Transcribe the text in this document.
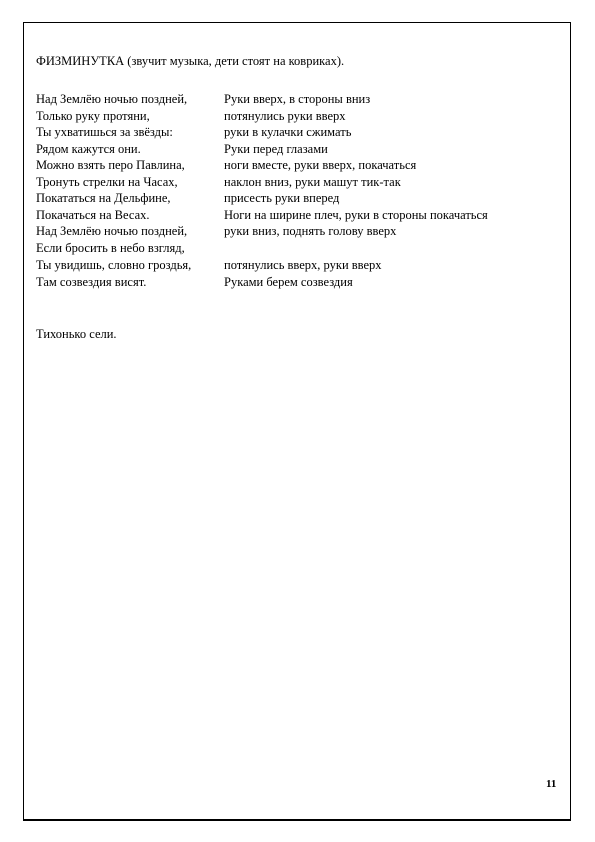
ФИЗМИНУТКА (звучит музыка, дети стоят на ковриках).
Над Землёю ночью поздней,	Руки вверх, в стороны вниз
Только руку протяни,	потянулись руки вверх
Ты ухватишься за звёзды:	руки в кулачки сжимать
Рядом кажутся они.	Руки перед глазами
Можно взять перо Павлина,	ноги вместе, руки вверх, покачаться
Тронуть стрелки на Часах,	наклон вниз, руки машут тик-так
Покататься на Дельфине,	присесть руки вперед
Покачаться на Весах.	Ноги на ширине плеч, руки в стороны покачаться
Над Землёю ночью поздней,	руки вниз, поднять голову вверх
Если бросить в небо взгляд,
Ты увидишь, словно гроздья,	потянулись вверх, руки вверх
Там созвездия висят.	Руками берем созвездия
Тихонько сели.
11
